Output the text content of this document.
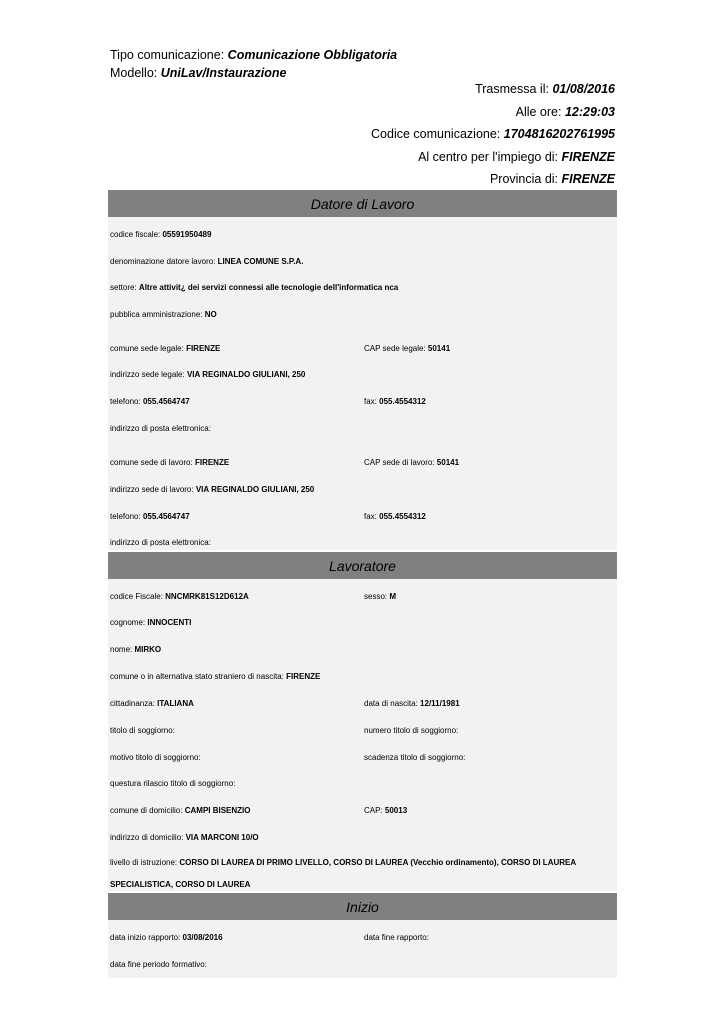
Tipo comunicazione: Comunicazione Obbligatoria
Modello: UniLav/Instaurazione
Trasmessa il: 01/08/2016
Alle ore: 12:29:03
Codice comunicazione: 1704816202761995
Al centro per l'impiego di: FIRENZE
Provincia di: FIRENZE
Datore di Lavoro
codice fiscale: 05591950489
denominazione datore lavoro: LINEA COMUNE S.P.A.
settore: Altre attivit¿ dei servizi connessi alle tecnologie dell'informatica nca
pubblica amministrazione: NO
comune sede legale: FIRENZE	CAP sede legale: 50141
indirizzo sede legale: VIA REGINALDO GIULIANI, 250
telefono: 055.4564747	fax: 055.4554312
indirizzo di posta elettronica:
comune sede di lavoro: FIRENZE	CAP sede di lavoro: 50141
indirizzo sede di lavoro: VIA REGINALDO GIULIANI, 250
telefono: 055.4564747	fax: 055.4554312
indirizzo di posta elettronica:
Lavoratore
codice Fiscale: NNCMRK81S12D612A	sesso: M
cognome: INNOCENTI
nome: MIRKO
comune o in alternativa stato straniero di nascita: FIRENZE
cittadinanza: ITALIANA	data di nascita: 12/11/1981
titolo di soggiorno:	numero titolo di soggiorno:
motivo titolo di soggiorno:	scadenza titolo di soggiorno:
questura rilascio titolo di soggiorno:
comune di domicilio: CAMPI BISENZIO	CAP: 50013
indirizzo di domicilio: VIA MARCONI 10/O
livello di istruzione: CORSO DI LAUREA DI PRIMO LIVELLO, CORSO DI LAUREA (Vecchio ordinamento), CORSO DI LAUREA SPECIALISTICA, CORSO DI LAUREA
Inizio
data inizio rapporto: 03/08/2016	data fine rapporto:
data fine periodo formativo:
